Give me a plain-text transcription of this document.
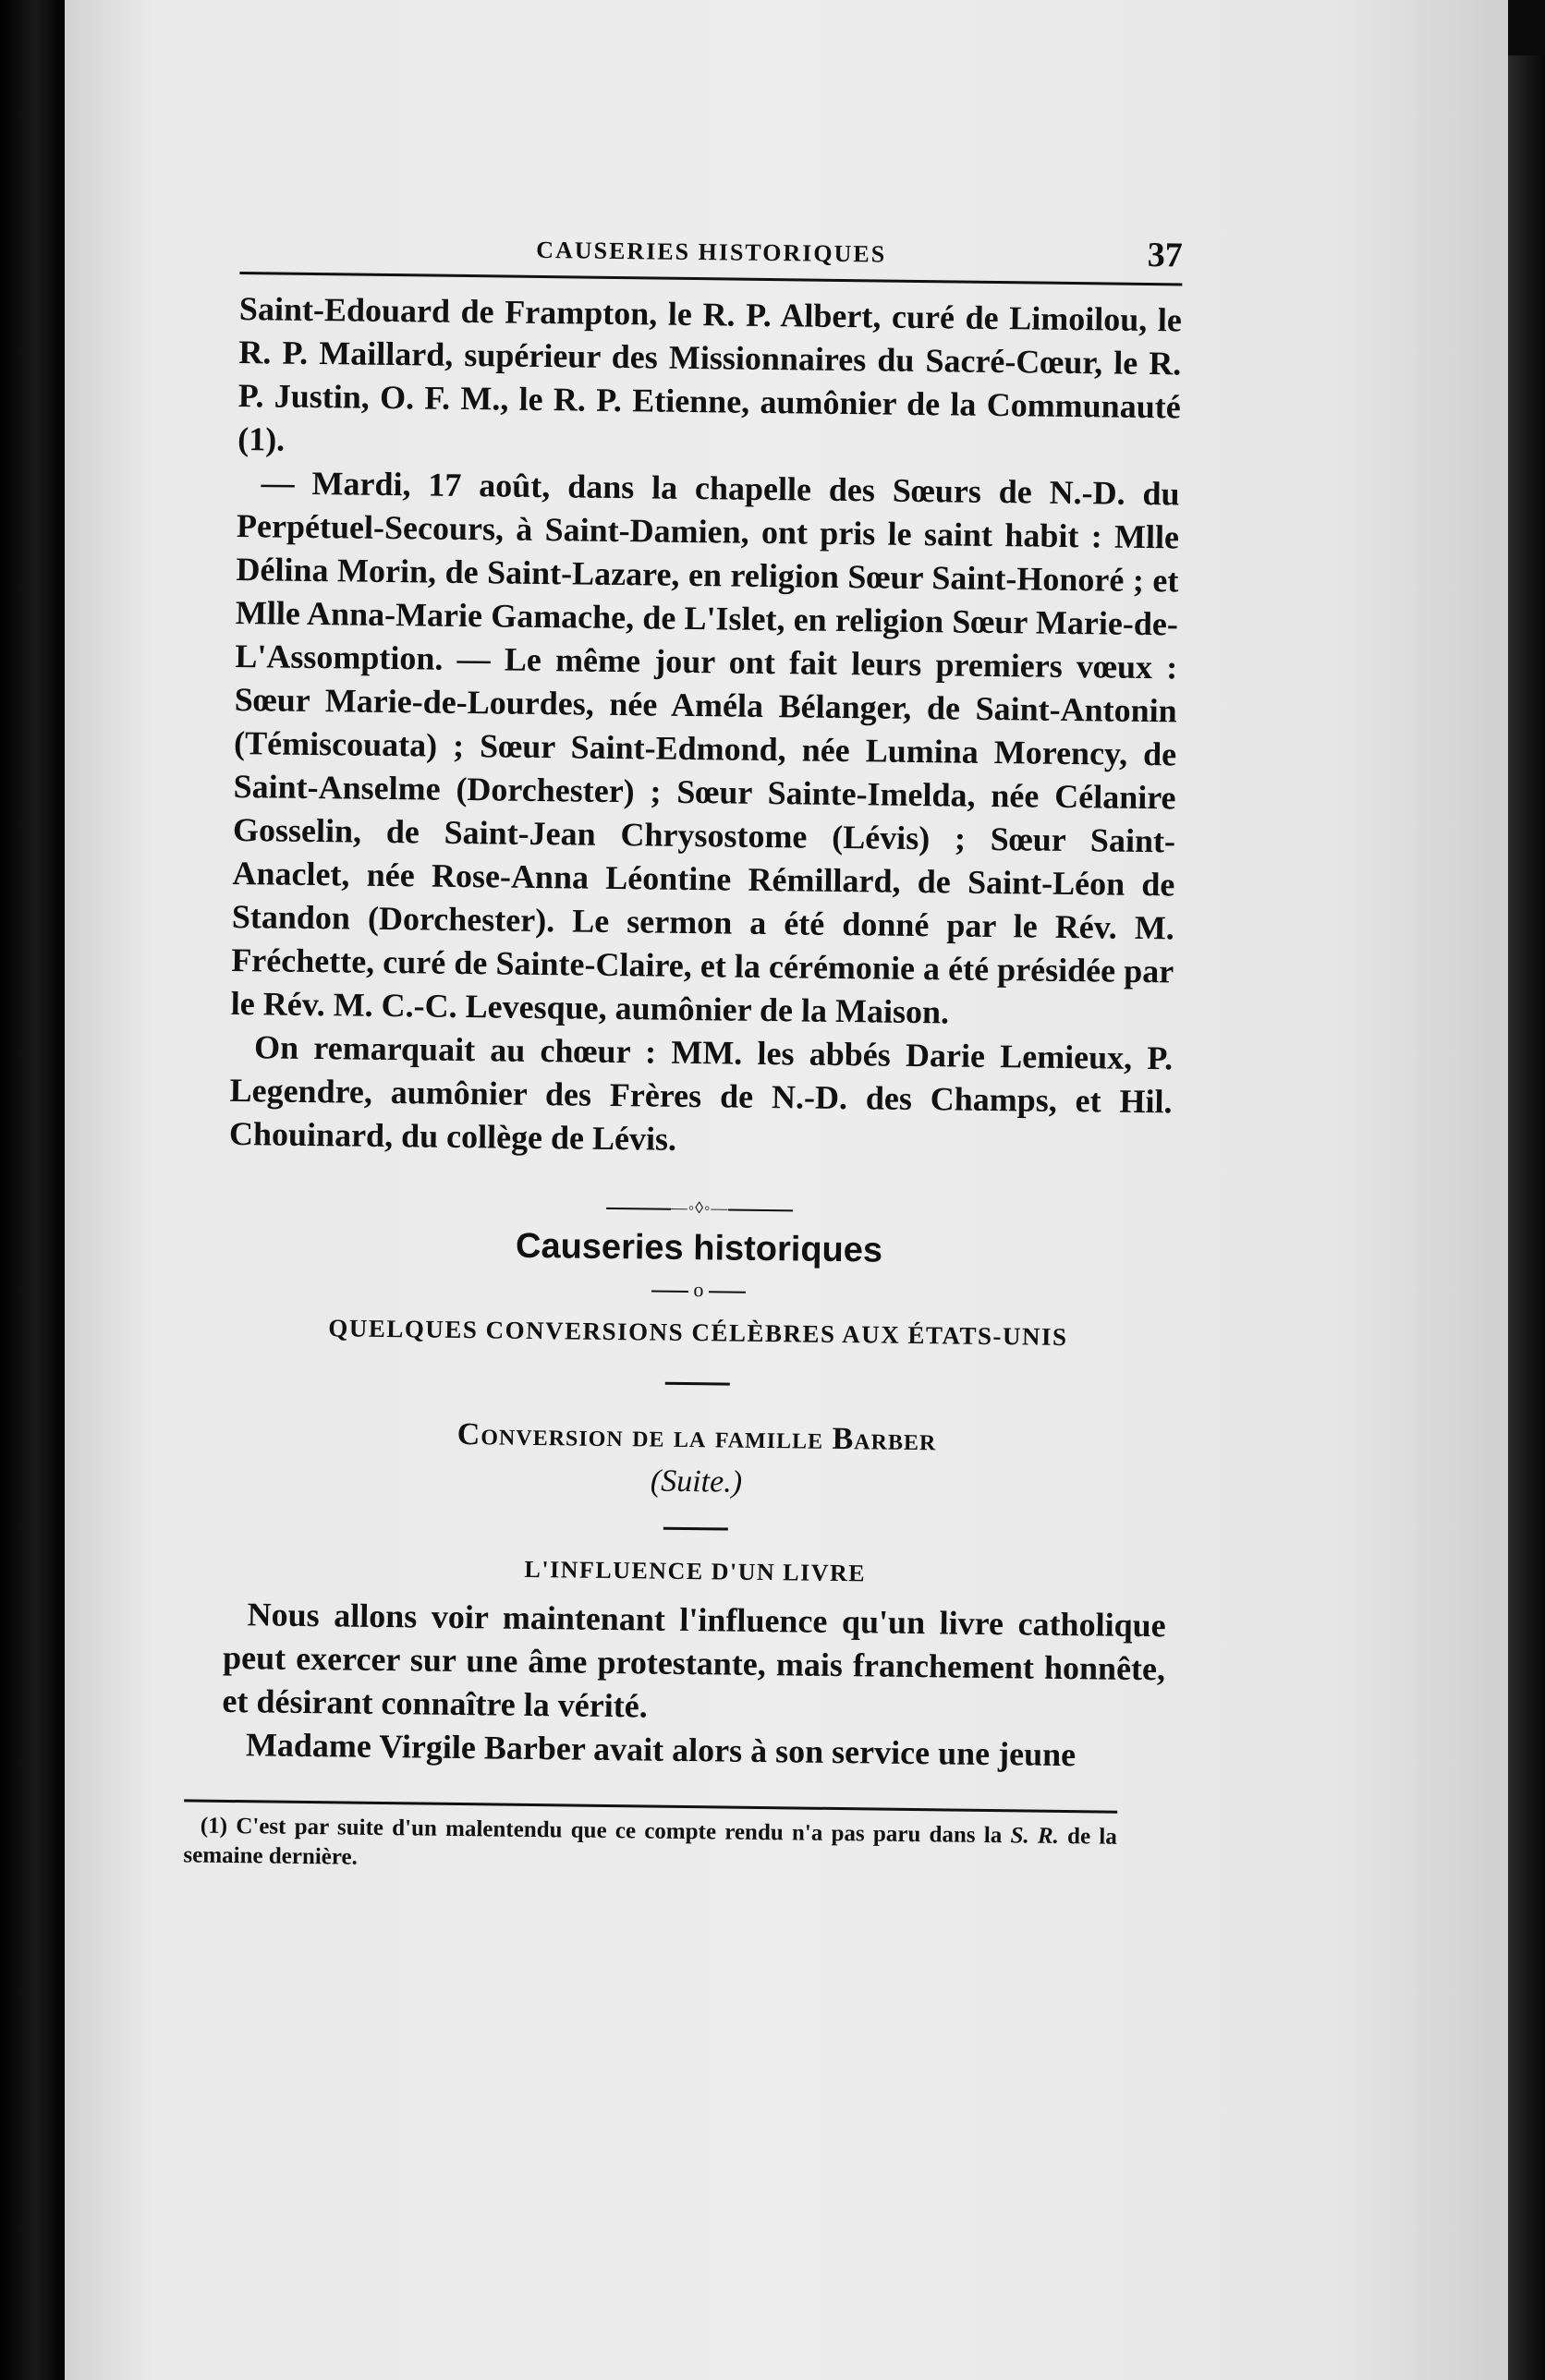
CAUSERIES HISTORIQUES	37

Saint-Edouard de Frampton, le R. P. Albert, curé de Limoilou, le R. P. Maillard, supérieur des Missionnaires du Sacré-Cœur, le R. P. Justin, O. F. M., le R. P. Etienne, aumônier de la Communauté (1).

— Mardi, 17 août, dans la chapelle des Sœurs de N.-D. du Perpétuel-Secours, à Saint-Damien, ont pris le saint habit : Mlle Délina Morin, de Saint-Lazare, en religion Sœur Saint-Honoré ; et Mlle Anna-Marie Gamache, de L'Islet, en religion Sœur Marie-de-L'Assomption. — Le même jour ont fait leurs premiers vœux : Sœur Marie-de-Lourdes, née Améla Bélanger, de Saint-Antonin (Témiscouata) ; Sœur Saint-Edmond, née Lumina Morency, de Saint-Anselme (Dorchester) ; Sœur Sainte-Imelda, née Célanire Gosselin, de Saint-Jean Chrysostome (Lévis) ; Sœur Saint-Anaclet, née Rose-Anna Léontine Rémillard, de Saint-Léon de Standon (Dorchester). Le sermon a été donné par le Rév. M. Fréchette, curé de Sainte-Claire, et la cérémonie a été présidée par le Rév. M. C.-C. Levesque, aumônier de la Maison.

On remarquait au chœur : MM. les abbés Darie Lemieux, P. Legendre, aumônier des Frères de N.-D. des Champs, et Hil. Chouinard, du collège de Lévis.

—◦◊◦—
Causeries historiques
o
QUELQUES CONVERSIONS CÉLÈBRES AUX ÉTATS-UNIS
Conversion de la famille Barber
(Suite.)
L'INFLUENCE D'UN LIVRE

Nous allons voir maintenant l'influence qu'un livre catholique peut exercer sur une âme protestante, mais franchement honnête, et désirant connaître la vérité.

Madame Virgile Barber avait alors à son service une jeune

(1) C'est par suite d'un malentendu que ce compte rendu n'a pas paru dans la S. R. de la semaine dernière.
